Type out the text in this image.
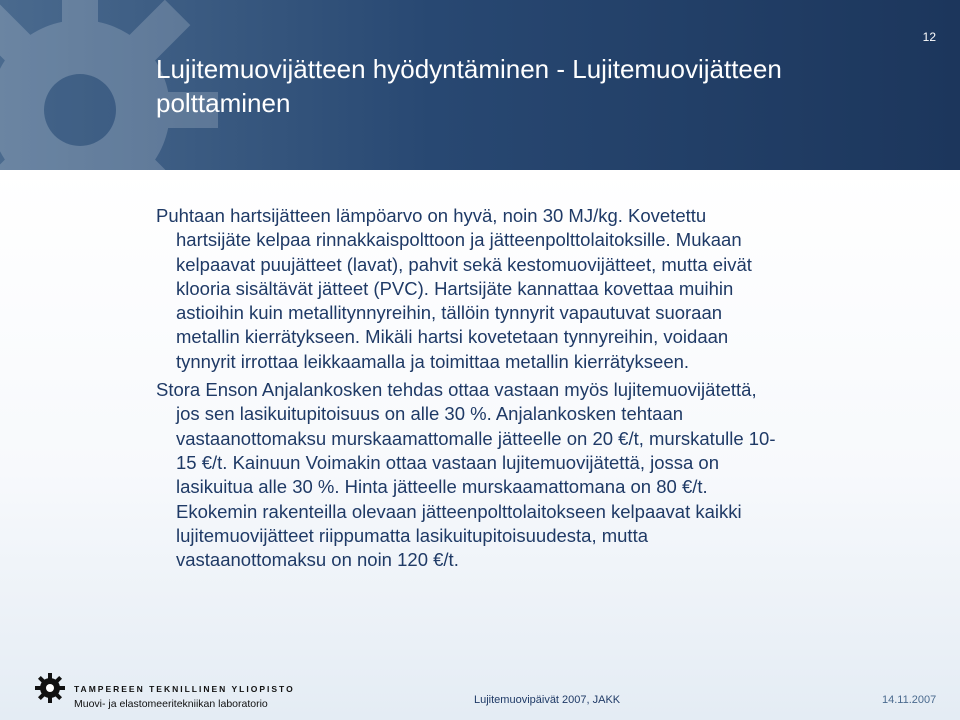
12
Lujitemuovijätteen hyödyntäminen - Lujitemuovijätteen polttaminen

Puhtaan hartsijätteen lämpöarvo on hyvä, noin 30 MJ/kg. Kovetettu

hartsijäte kelpaa rinnakkaispolttoon ja jätteenpolttolaitoksille. Mukaan

kelpaavat puujätteet (lavat), pahvit sekä kestomuovijätteet, mutta eivät

klooria sisältävät jätteet (PVC). Hartsijäte kannattaa kovettaa muihin

astioihin kuin metallitynnyreihin, tällöin tynnyrit vapautuvat suoraan

metallin kierrätykseen. Mikäli hartsi kovetetaan tynnyreihin, voidaan

tynnyrit irrottaa leikkaamalla ja toimittaa metallin kierrätykseen.

Stora Enson Anjalankosken tehdas ottaa vastaan myös lujitemuovijätettä,

jos sen lasikuitupitoisuus on alle 30 %. Anjalankosken tehtaan

vastaanottomaksu murskaamattomalle jätteelle on 20 €/t, murskatulle 10-

15 €/t. Kainuun Voimakin ottaa vastaan lujitemuovijätettä, jossa on

lasikuitua alle 30 %. Hinta jätteelle murskaamattomana on 80 €/t.

Ekokemin rakenteilla olevaan jätteenpolttolaitokseen kelpaavat kaikki

lujitemuovijätteet riippumatta lasikuitupitoisuudesta, mutta

vastaanottomaksu on noin 120 €/t.

TAMPEREEN TEKNILLINEN YLIOPISTO
Muovi- ja elastomeeritekniikan laboratorio	Lujitemuovipäivät 2007, JAKK	14.11.2007
